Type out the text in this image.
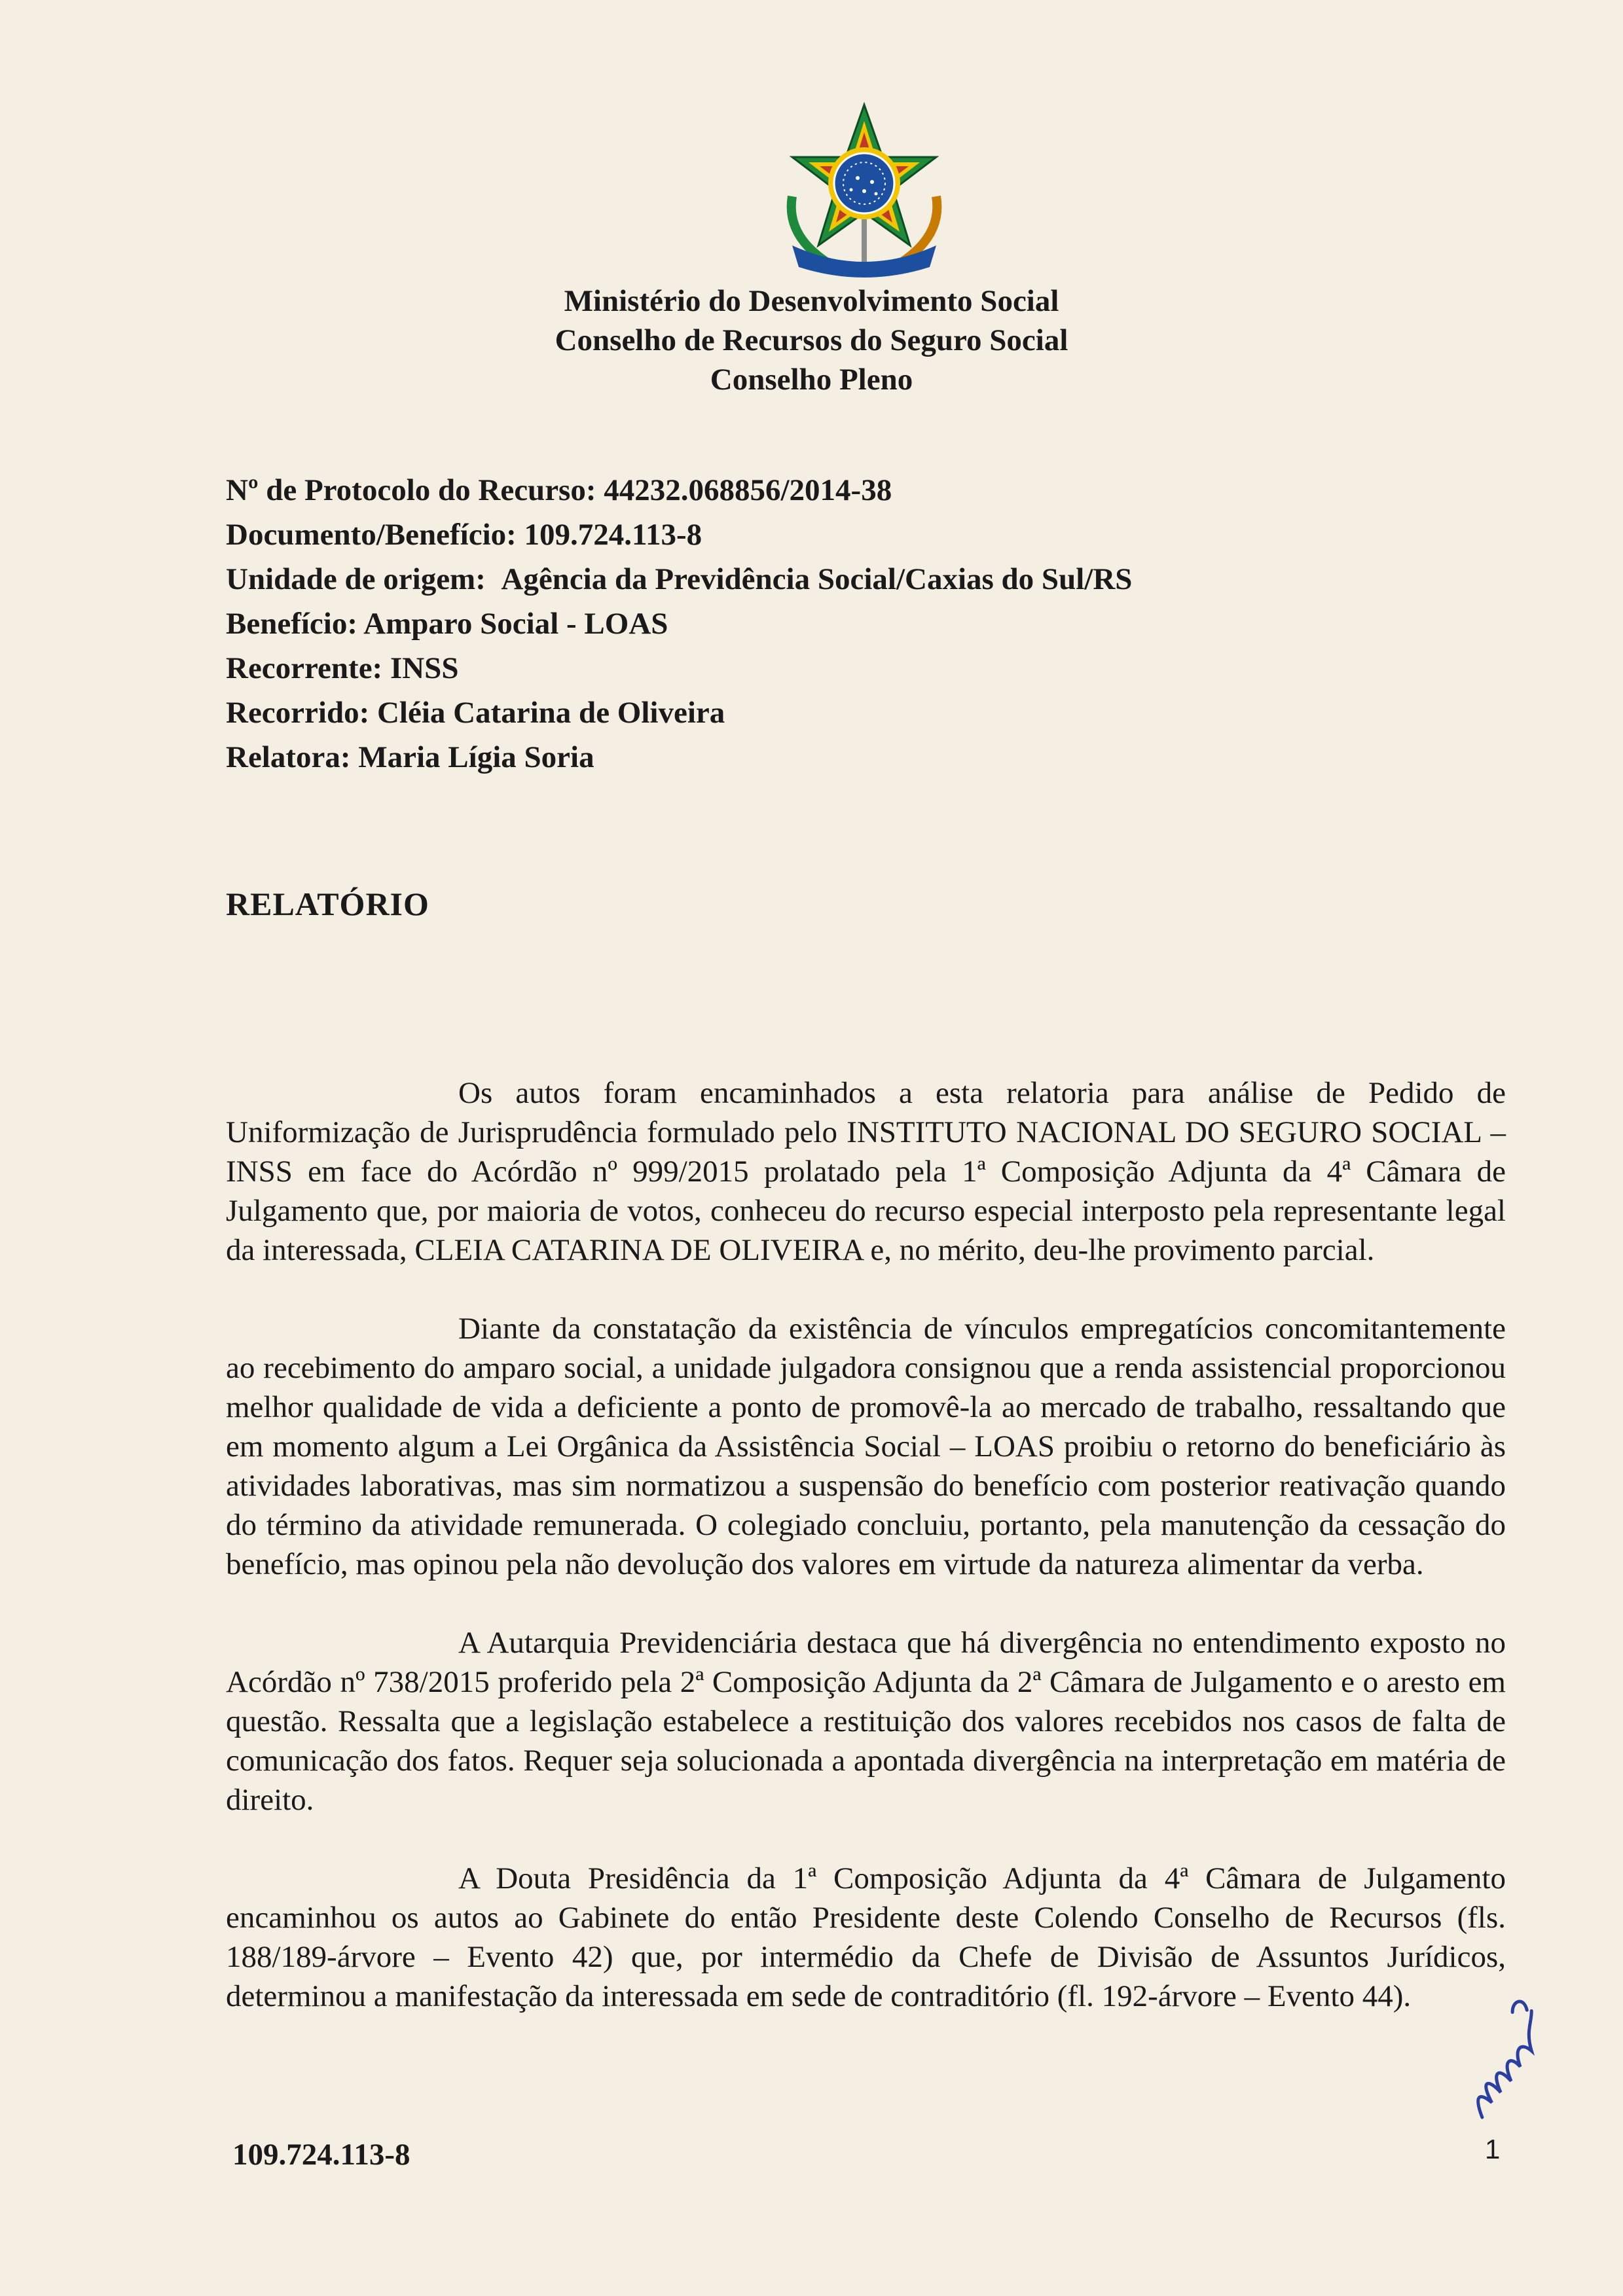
Ministério do Desenvolvimento Social
Conselho de Recursos do Seguro Social
Conselho Pleno
Nº de Protocolo do Recurso: 44232.068856/2014-38
Documento/Benefício: 109.724.113-8
Unidade de origem: Agência da Previdência Social/Caxias do Sul/RS
Benefício: Amparo Social - LOAS
Recorrente: INSS
Recorrido: Cléia Catarina de Oliveira
Relatora: Maria Lígia Soria
RELATÓRIO

Os autos foram encaminhados a esta relatoria para análise de Pedido de Uniformização de Jurisprudência formulado pelo INSTITUTO NACIONAL DO SEGURO SOCIAL – INSS em face do Acórdão nº 999/2015 prolatado pela 1ª Composição Adjunta da 4ª Câmara de Julgamento que, por maioria de votos, conheceu do recurso especial interposto pela representante legal da interessada, CLEIA CATARINA DE OLIVEIRA e, no mérito, deu-lhe provimento parcial.

Diante da constatação da existência de vínculos empregatícios concomitantemente ao recebimento do amparo social, a unidade julgadora consignou que a renda assistencial proporcionou melhor qualidade de vida a deficiente a ponto de promovê-la ao mercado de trabalho, ressaltando que em momento algum a Lei Orgânica da Assistência Social – LOAS proibiu o retorno do beneficiário às atividades laborativas, mas sim normatizou a suspensão do benefício com posterior reativação quando do término da atividade remunerada. O colegiado concluiu, portanto, pela manutenção da cessação do benefício, mas opinou pela não devolução dos valores em virtude da natureza alimentar da verba.

A Autarquia Previdenciária destaca que há divergência no entendimento exposto no Acórdão nº 738/2015 proferido pela 2ª Composição Adjunta da 2ª Câmara de Julgamento e o aresto em questão. Ressalta que a legislação estabelece a restituição dos valores recebidos nos casos de falta de comunicação dos fatos. Requer seja solucionada a apontada divergência na interpretação em matéria de direito.

A Douta Presidência da 1ª Composição Adjunta da 4ª Câmara de Julgamento encaminhou os autos ao Gabinete do então Presidente deste Colendo Conselho de Recursos (fls. 188/189-árvore – Evento 42) que, por intermédio da Chefe de Divisão de Assuntos Jurídicos, determinou a manifestação da interessada em sede de contraditório (fl. 192-árvore – Evento 44).

109.724.113-8	1
